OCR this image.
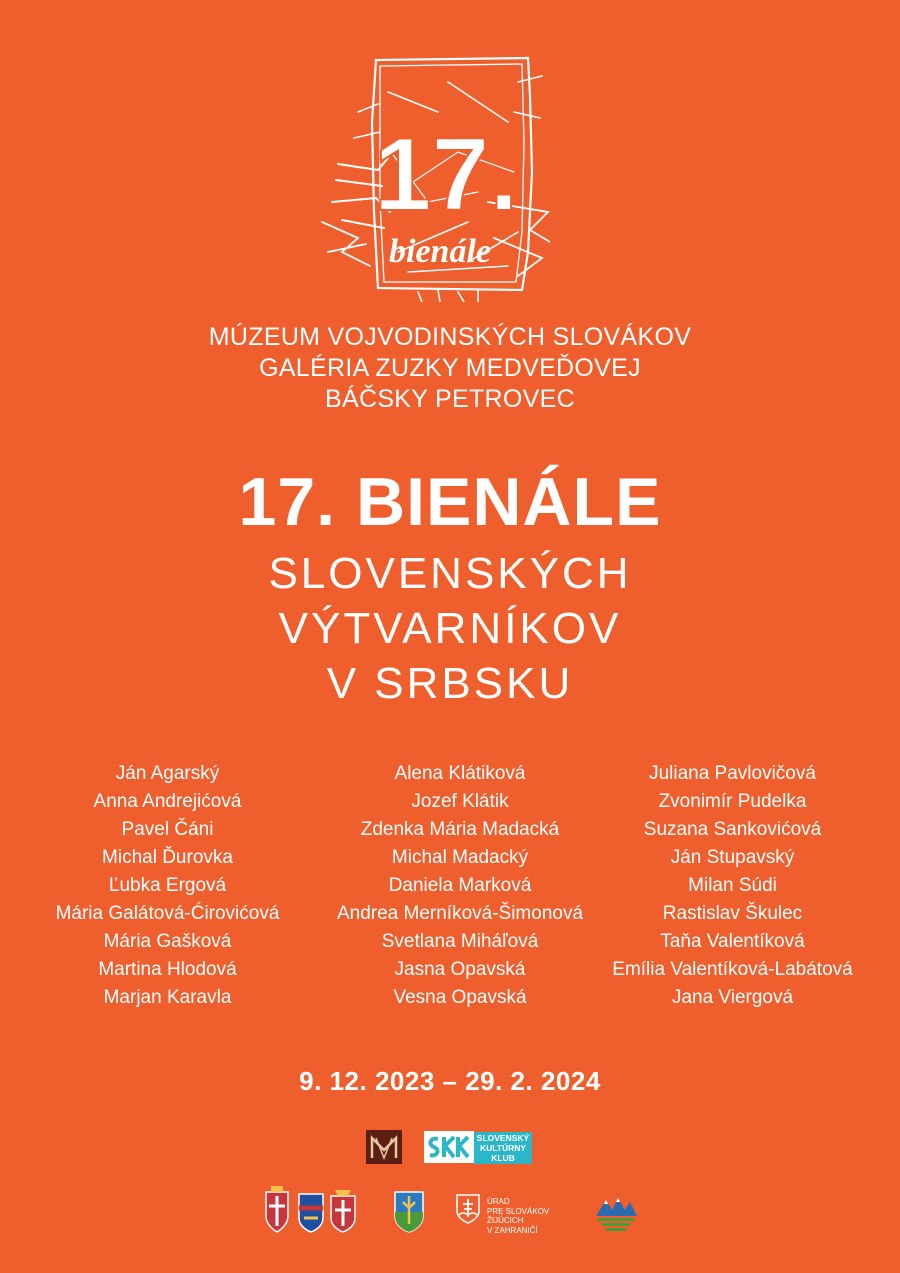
17.
bienále
MÚZEUM VOJVODINSKÝCH SLOVÁKOV
GALÉRIA ZUZKY MEDVEĎOVEJ
BÁČSKY PETROVEC
17. BIENÁLE
SLOVENSKÝCH
VÝTVARNÍKOV
V SRBSKU
Ján Agarský
Anna Andrejićová
Pavel Čáni
Michal Ďurovka
Ľubka Ergová
Mária Galátová-Ćirovićová
Mária Gašková
Martina Hlodová
Marjan Karavla
Alena Klátiková
Jozef Klátik
Zdenka Mária Madacká
Michal Madacký
Daniela Marková
Andrea Merníková-Šimonová
Svetlana Miháľová
Jasna Opavská
Vesna Opavská
Juliana Pavlovičová
Zvonimír Pudelka
Suzana Sankovićová
Ján Stupavský
Milan Súdi
Rastislav Škulec
Taňa Valentíková
Emília Valentíková-Labátová
Jana Viergová
9. 12. 2023 – 29. 2. 2024
SLOVENSKÝ
KULTÚRNY
KLUB
ÚRAD
PRE SLOVÁKOV
ŽIJÚCICH
V ZAHRANIČÍ
